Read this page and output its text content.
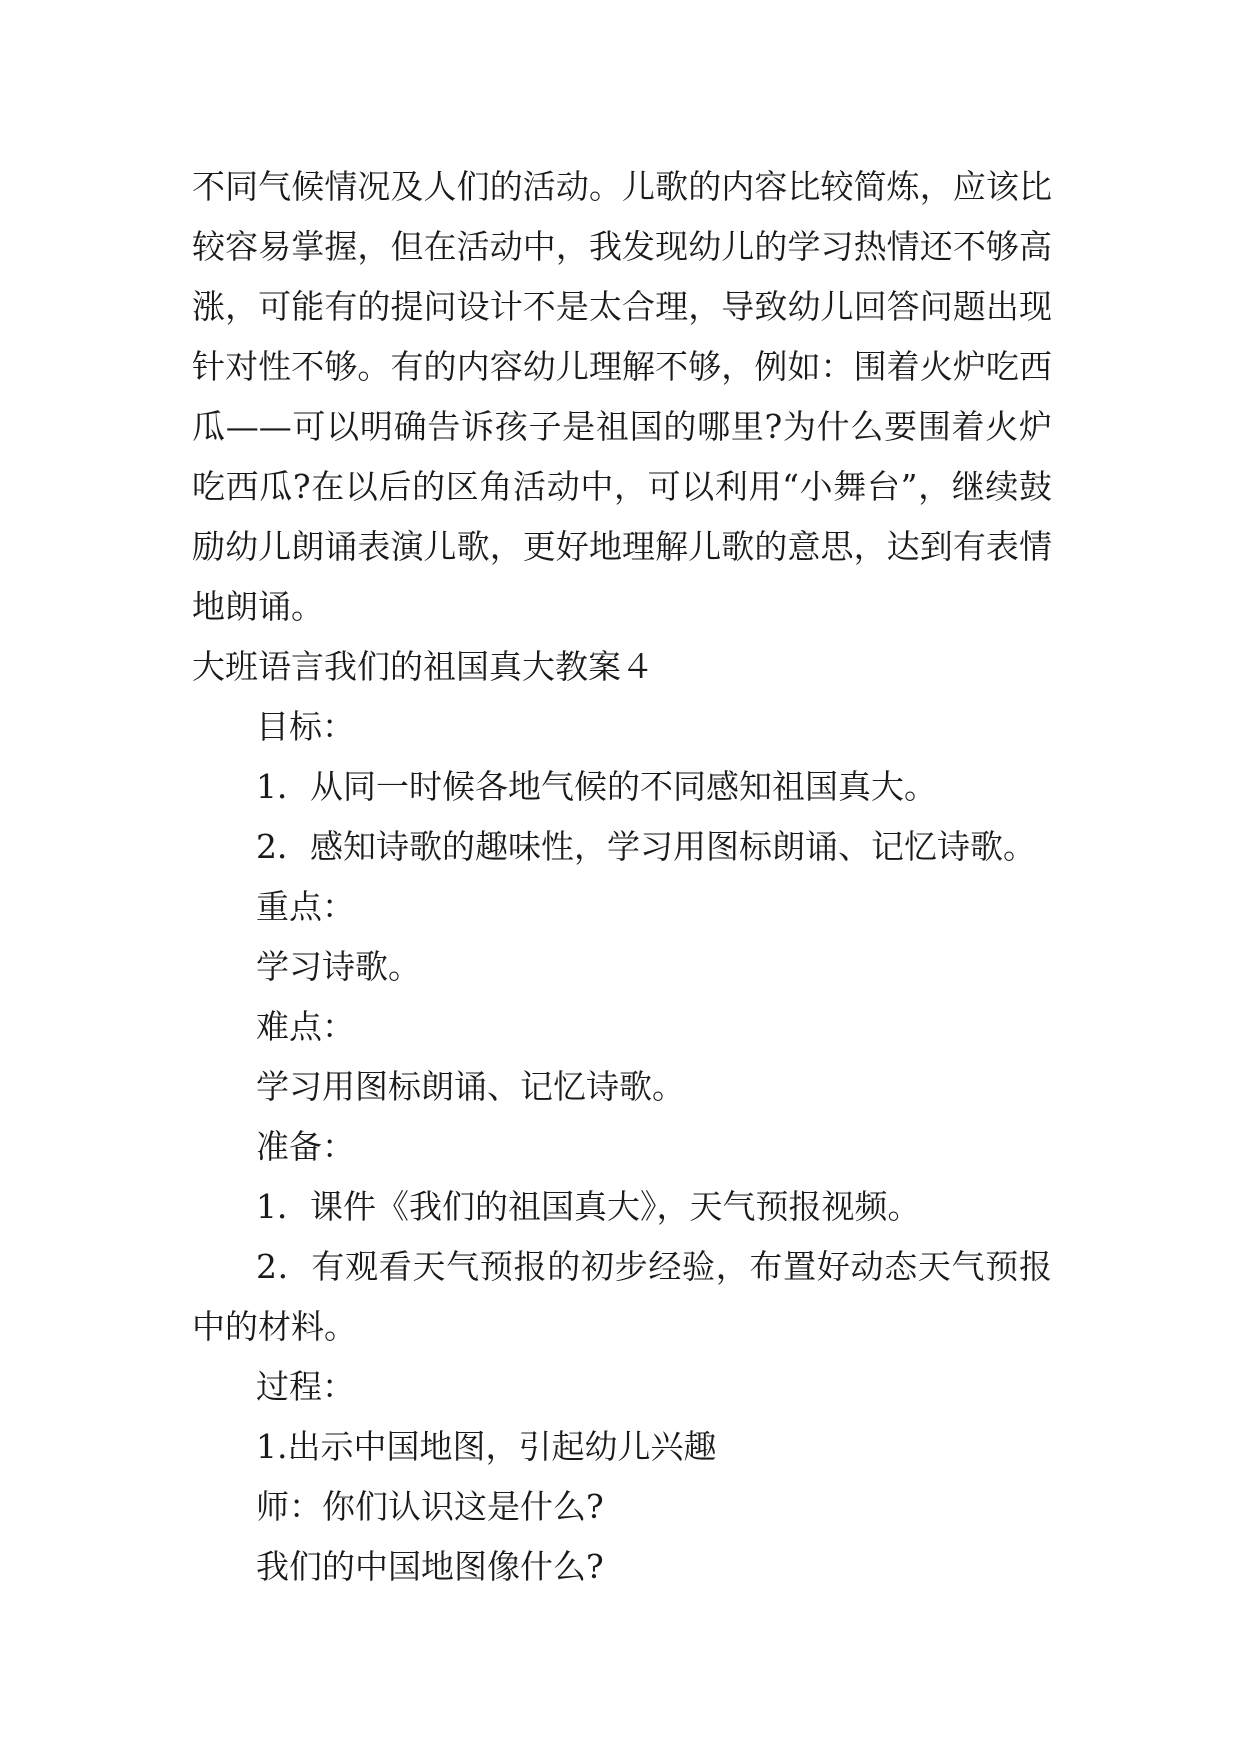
不同气候情况及人们的活动。儿歌的内容比较简炼，应该比
较容易掌握，但在活动中，我发现幼儿的学习热情还不够高
涨，可能有的提问设计不是太合理，导致幼儿回答问题出现
针对性不够。有的内容幼儿理解不够，例如：围着火炉吃西
瓜——可以明确告诉孩子是祖国的哪里?为什么要围着火炉
吃西瓜?在以后的区角活动中，可以利用“小舞台”，继续鼓
励幼儿朗诵表演儿歌，更好地理解儿歌的意思，达到有表情
地朗诵。
大班语言我们的祖国真大教案４
目标：
1．从同一时候各地气候的不同感知祖国真大。
2．感知诗歌的趣味性，学习用图标朗诵、记忆诗歌。
重点：
学习诗歌。
难点：
学习用图标朗诵、记忆诗歌。
准备：
1．课件《我们的祖国真大》，天气预报视频。
2．有观看天气预报的初步经验，布置好动态天气预报
中的材料。
过程：
1.出示中国地图，引起幼儿兴趣
师：你们认识这是什么?
我们的中国地图像什么?
